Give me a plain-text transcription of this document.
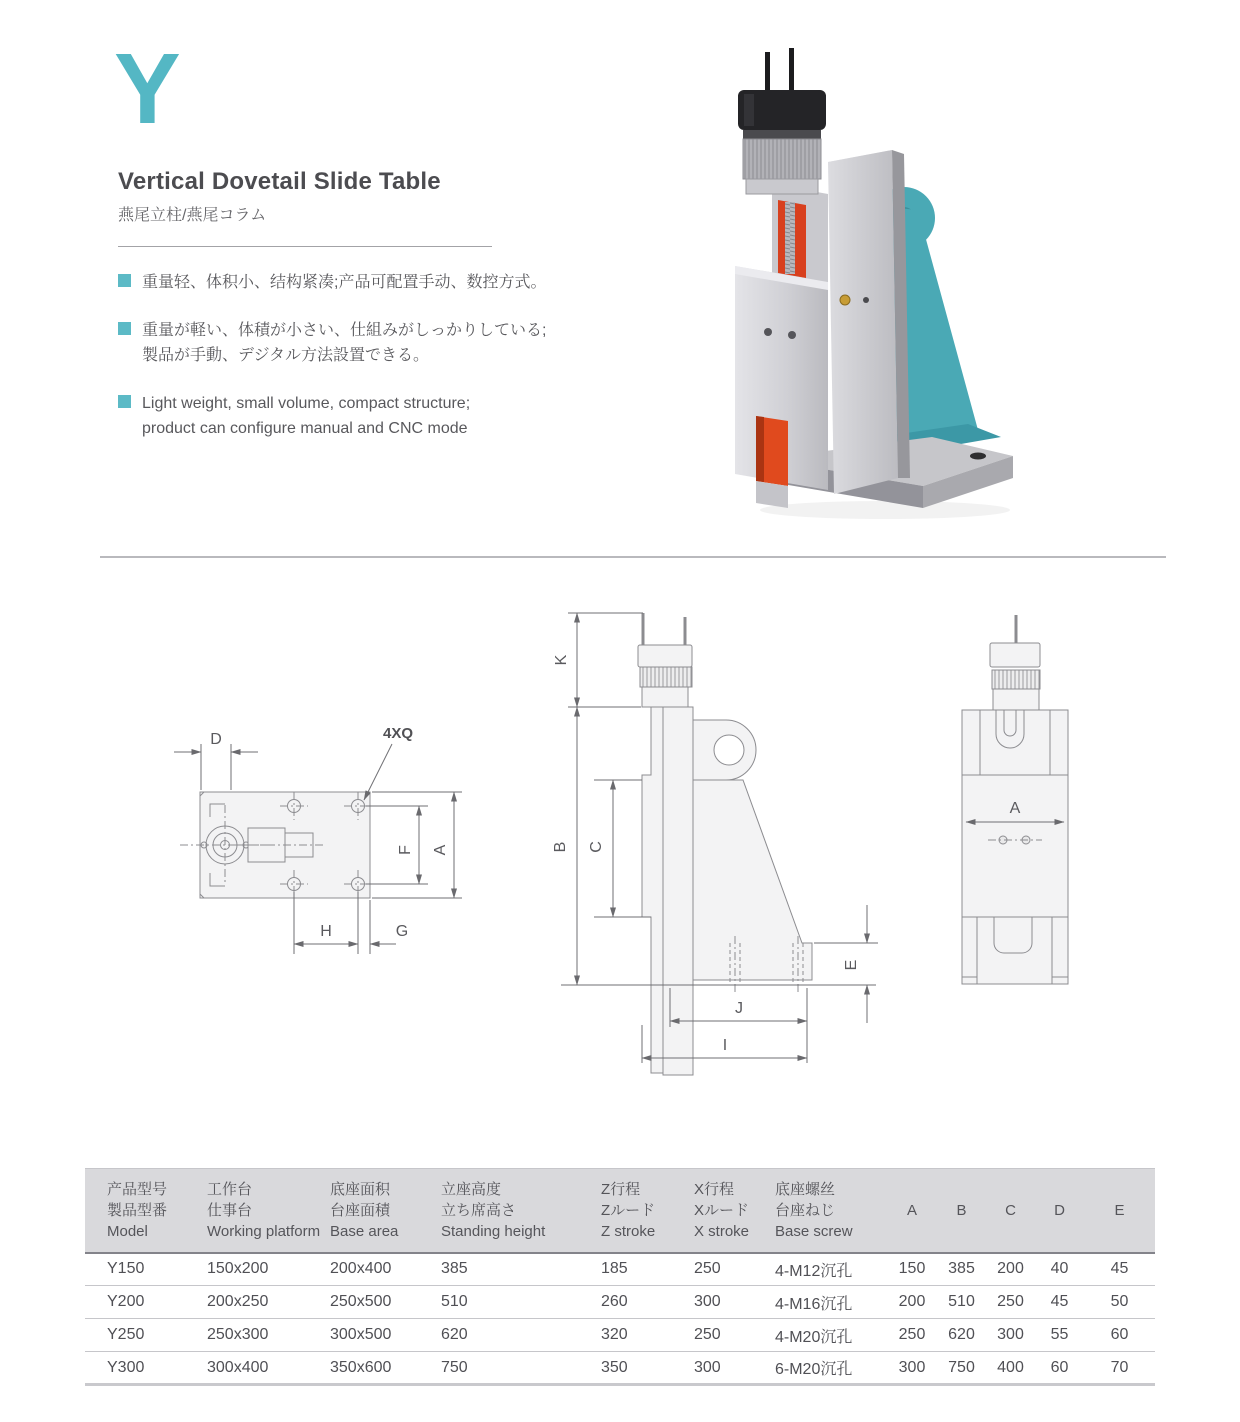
Y
Vertical Dovetail Slide Table
燕尾立柱/燕尾コラム
重量轻、体积小、结构紧凑;产品可配置手动、数控方式。
重量が軽い、体積が小さい、仕組みがしっかりしている;
製品が手動、デジタル方法設置できる。
Light weight, small volume, compact structure;
product can configure manual and CNC mode
D	4XQ
F A
H	G
K
B C
E
J
I
A
产品型号
製品型番
Model

工作台
仕事台
Working platform

底座面积
台座面積
Base area

立座高度
立ち席高さ
Standing height

Z行程
Zルード
Z stroke

X行程
Xルード
X stroke

底座螺丝
台座ねじ
Base screw

A	B	C	D	E

Y150	150x200	200x400	385	185	250	4-M12沉孔	150	385	200	40	45
Y200	200x250	250x500	510	260	300	4-M16沉孔	200	510	250	45	50
Y250	250x300	300x500	620	320	250	4-M20沉孔	250	620	300	55	60
Y300	300x400	350x600	750	350	300	6-M20沉孔	300	750	400	60	70
